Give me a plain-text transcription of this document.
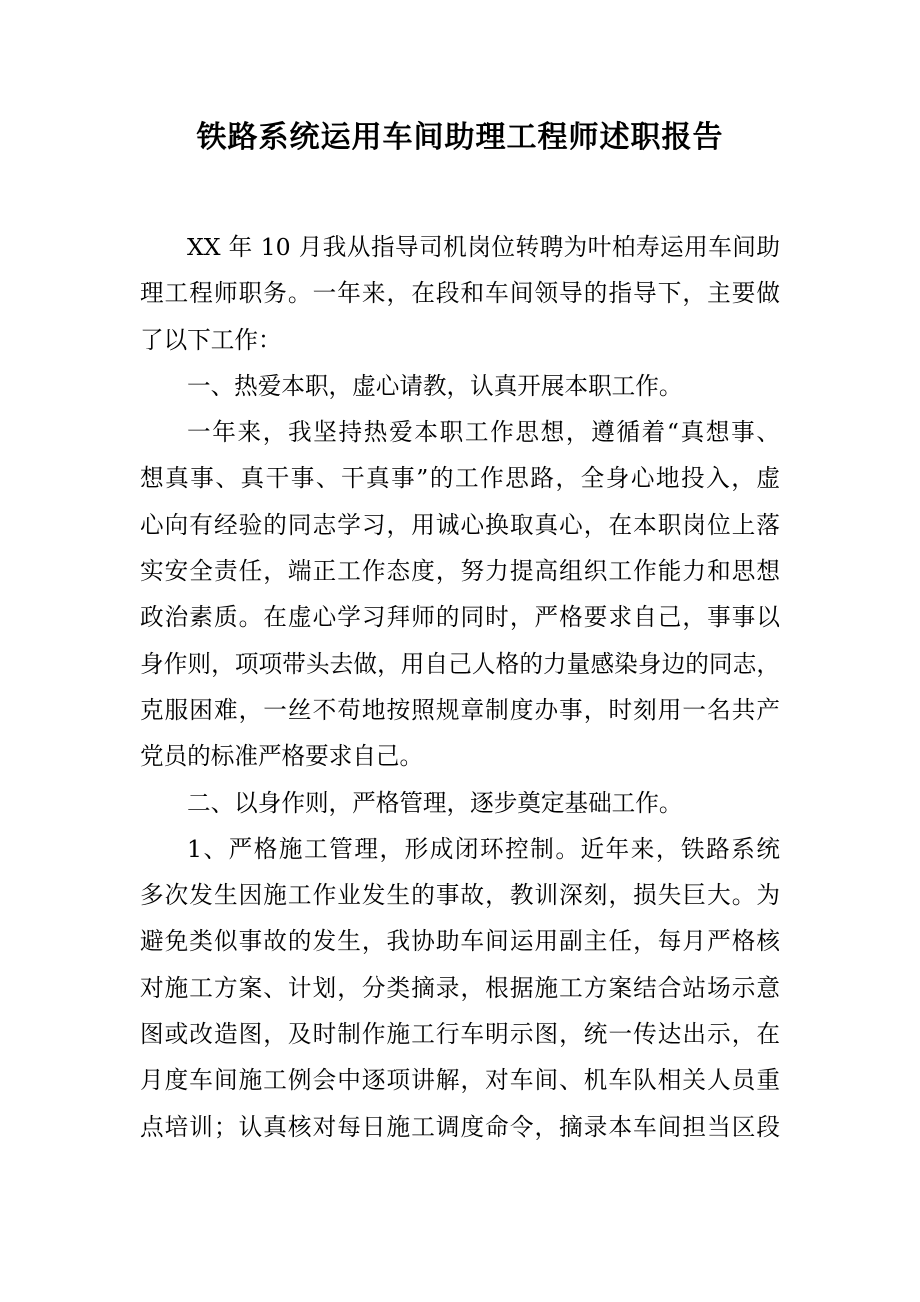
铁路系统运用车间助理工程师述职报告
XX 年 10 月我从指导司机岗位转聘为叶柏寿运用车间助
理工程师职务。一年来，在段和车间领导的指导下，主要做
了以下工作：
一、热爱本职，虚心请教，认真开展本职工作。
一年来，我坚持热爱本职工作思想，遵循着“真想事、
想真事、真干事、干真事”的工作思路，全身心地投入，虚
心向有经验的同志学习，用诚心换取真心，在本职岗位上落
实安全责任，端正工作态度，努力提高组织工作能力和思想
政治素质。在虚心学习拜师的同时，严格要求自己，事事以
身作则，项项带头去做，用自己人格的力量感染身边的同志，
克服困难，一丝不苟地按照规章制度办事，时刻用一名共产
党员的标准严格要求自己。
二、以身作则，严格管理，逐步奠定基础工作。
1、严格施工管理，形成闭环控制。近年来，铁路系统
多次发生因施工作业发生的事故，教训深刻，损失巨大。为
避免类似事故的发生，我协助车间运用副主任，每月严格核
对施工方案、计划，分类摘录，根据施工方案结合站场示意
图或改造图，及时制作施工行车明示图，统一传达出示，在
月度车间施工例会中逐项讲解，对车间、机车队相关人员重
点培训；认真核对每日施工调度命令，摘录本车间担当区段
